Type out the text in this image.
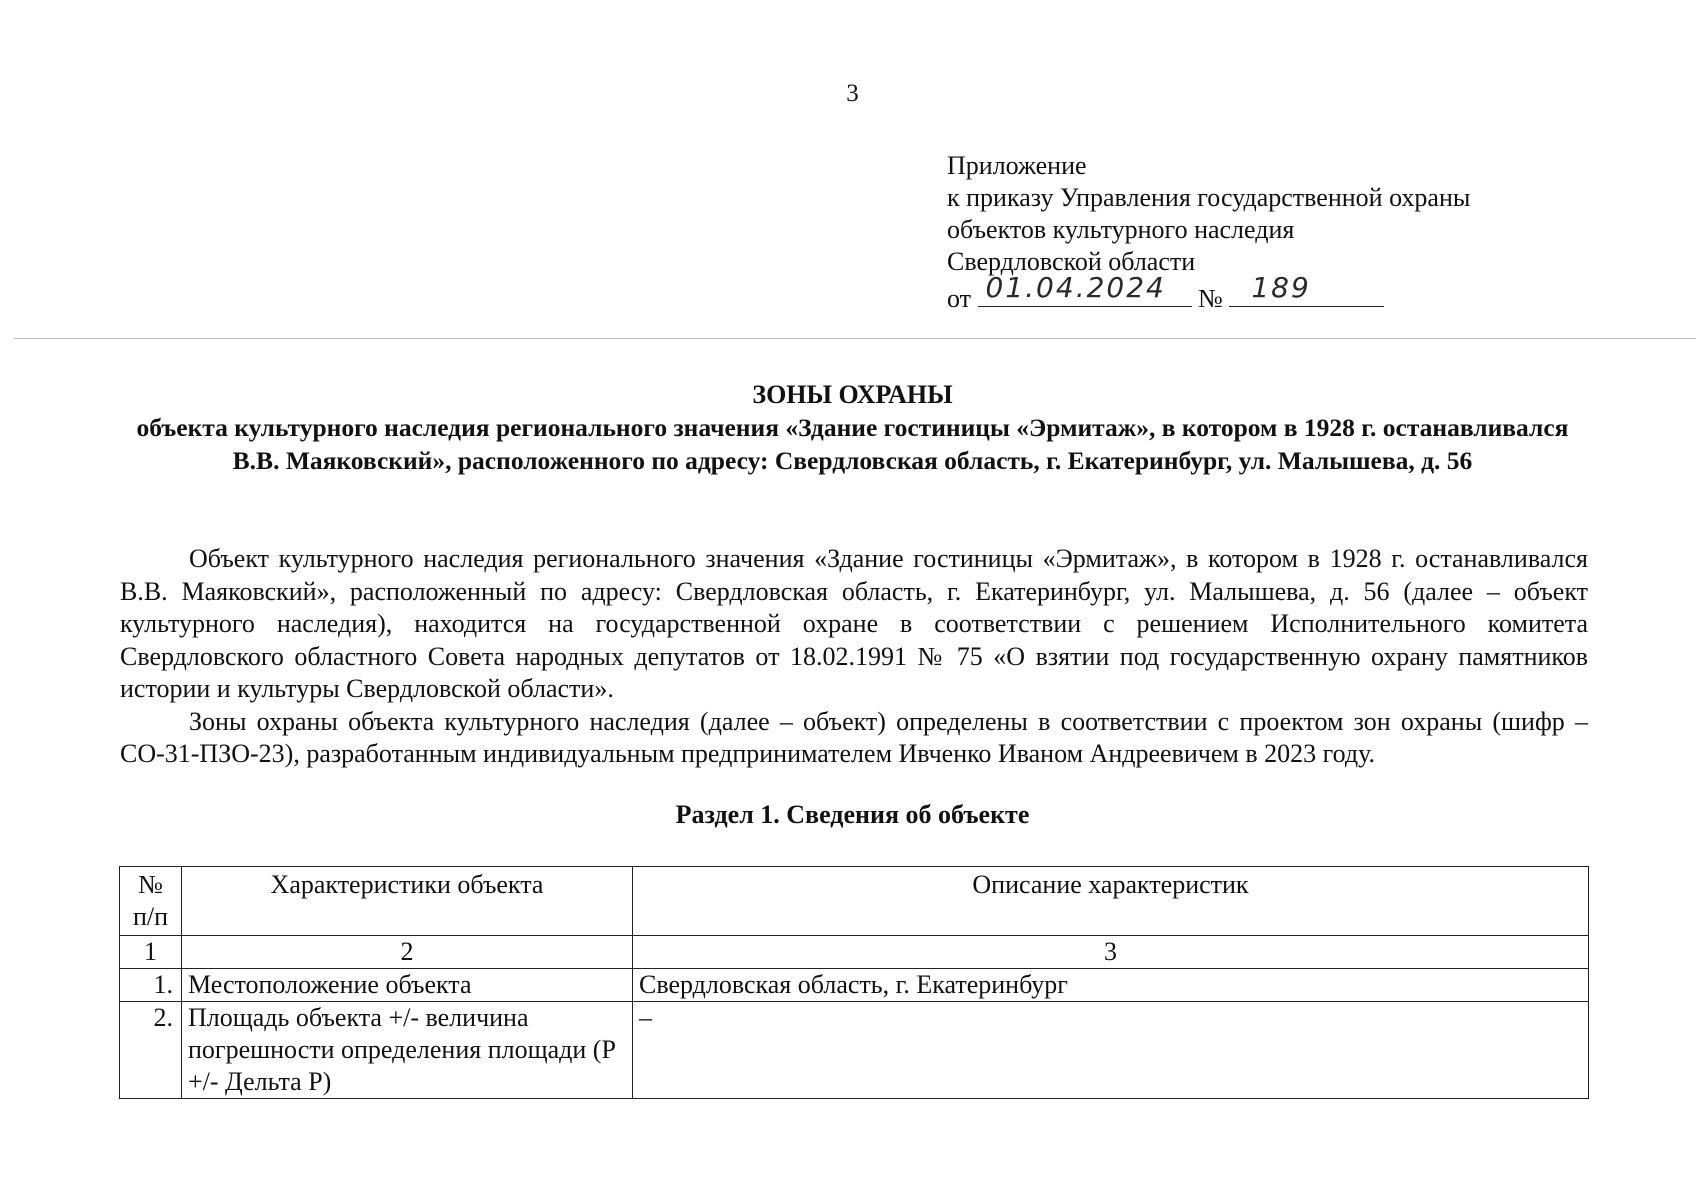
3
Приложение
к приказу Управления государственной охраны
объектов культурного наследия
Свердловской области
от 01.04.2024 № 189
ЗОНЫ ОХРАНЫ
объекта культурного наследия регионального значения «Здание гостиницы «Эрмитаж», в котором в 1928 г. останавливался В.В. Маяковский», расположенного по адресу: Свердловская область, г. Екатеринбург, ул. Малышева, д. 56

Объект культурного наследия регионального значения «Здание гостиницы «Эрмитаж», в котором в 1928 г. останавливался В.В. Маяковский», расположенный по адресу: Свердловская область, г. Екатеринбург, ул. Малышева, д. 56 (далее – объект культурного наследия), находится на государственной охране в соответствии с решением Исполнительного комитета Свердловского областного Совета народных депутатов от 18.02.1991 № 75 «О взятии под государственную охрану памятников истории и культуры Свердловской области».

Зоны охраны объекта культурного наследия (далее – объект) определены в соответствии с проектом зон охраны (шифр – СО-31-ПЗО-23), разработанным индивидуальным предпринимателем Ивченко Иваном Андреевичем в 2023 году.

Раздел 1. Сведения об объекте
№ п/п	Характеристики объекта	Описание характеристик
1	2	3
1.	Местоположение объекта	Свердловская область, г. Екатеринбург
2.	Площадь объекта +/- величина погрешности определения площади (P +/- Дельта P)	–
